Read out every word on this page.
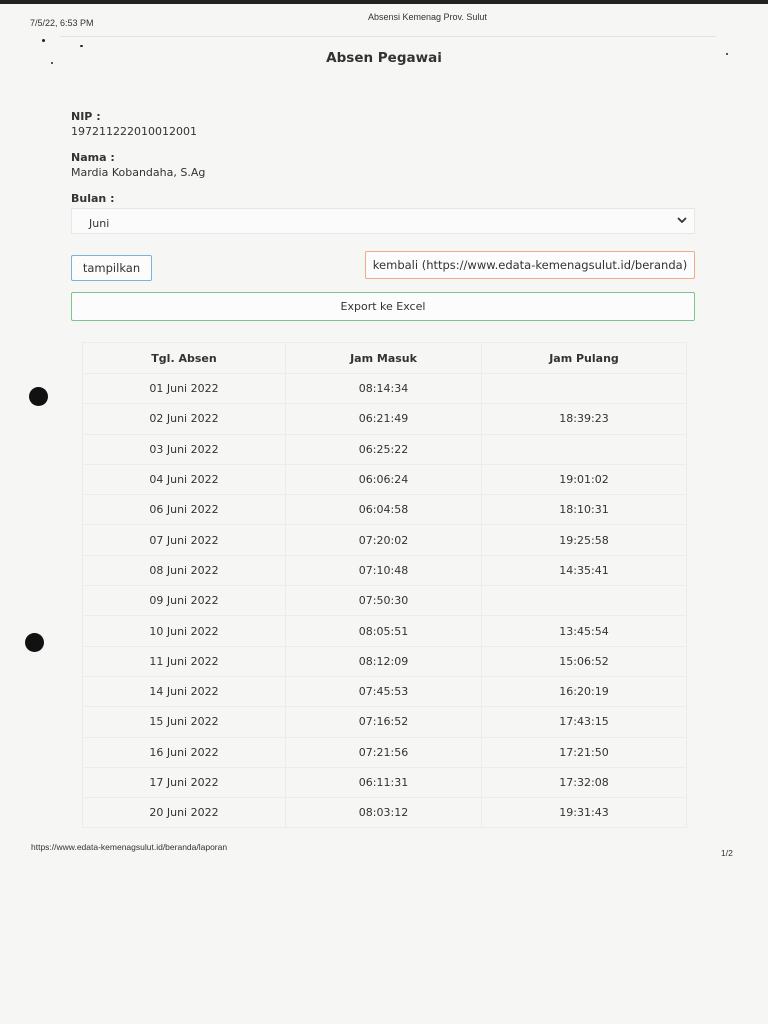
7/5/22, 6:53 PM
Absensi Kemenag Prov. Sulut
Absen Pegawai
NIP :
197211222010012001
Nama :
Mardia Kobandaha, S.Ag
Bulan :
Juni
tampilkan	kembali (https://www.edata-kemenagsulut.id/beranda)
Export ke Excel
Tgl. Absen	Jam Masuk	Jam Pulang
01 Juni 2022	08:14:34	
02 Juni 2022	06:21:49	18:39:23
03 Juni 2022	06:25:22	
04 Juni 2022	06:06:24	19:01:02
06 Juni 2022	06:04:58	18:10:31
07 Juni 2022	07:20:02	19:25:58
08 Juni 2022	07:10:48	14:35:41
09 Juni 2022	07:50:30	
10 Juni 2022	08:05:51	13:45:54
11 Juni 2022	08:12:09	15:06:52
14 Juni 2022	07:45:53	16:20:19
15 Juni 2022	07:16:52	17:43:15
16 Juni 2022	07:21:56	17:21:50
17 Juni 2022	06:11:31	17:32:08
20 Juni 2022	08:03:12	19:31:43
https://www.edata-kemenagsulut.id/beranda/laporan
1/2
